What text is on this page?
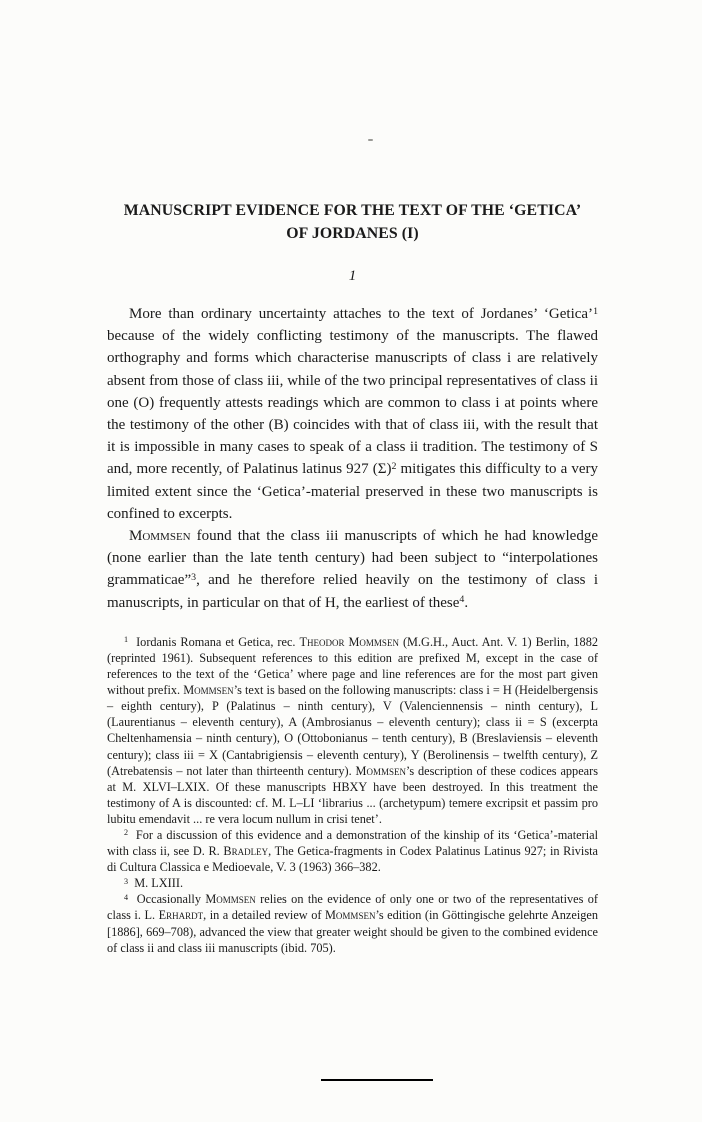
MANUSCRIPT EVIDENCE FOR THE TEXT OF THE ‘GETICA’
OF JORDANES (I)
1

More than ordinary uncertainty attaches to the text of Jordanes’ ‘Getica’$^1$ because of the widely conflicting testimony of the manuscripts. The flawed orthography and forms which characterise manuscripts of class i are relatively absent from those of class iii, while of the two principal representatives of class ii one (O) frequently attests readings which are common to class i at points where the testimony of the other (B) coincides with that of class iii, with the result that it is impossible in many cases to speak of a class ii tradition. The testimony of S and, more recently, of Palatinus latinus 927 $(\Sigma)^2$ mitigates this difficulty to a very limited extent since the ‘Getica’-material preserved in these two manuscripts is confined to excerpts.

Mommsen found that the class iii manuscripts of which he had knowledge (none earlier than the late tenth century) had been subject to “interpolationes grammaticae”$^3$, and he therefore relied heavily on the testimony of class i manuscripts, in particular on that of H, the earliest of these$^4$.

$^1$  Iordanis Romana et Getica, rec. Theodor Mommsen (M.G.H., Auct. Ant. V. 1) Berlin, 1882 (reprinted 1961). Subsequent references to this edition are prefixed M, except in the case of references to the text of the ‘Getica’ where page and line references are for the most part given without prefix. Mommsen’s text is based on the following manuscripts: class i = H (Heidelbergensis – eighth century), P (Palatinus – ninth century), V (Valenciennensis – ninth century), L (Laurentianus – eleventh century), A (Ambrosianus – eleventh century); class ii = S (excerpta Cheltenhamensia – ninth century), O (Ottobonianus – tenth century), B (Breslaviensis – eleventh century); class iii = X (Cantabrigiensis – eleventh century), Y (Berolinensis – twelfth century), Z (Atrebatensis – not later than thirteenth century). Mommsen’s description of these codices appears at M. XLVI–LXIX. Of these manuscripts HBXY have been destroyed. In this treatment the testimony of A is discounted: cf. M. L–LI ‘librarius ... (archetypum) temere excripsit et passim pro lubitu emendavit ... re vera locum nullum in crisi tenet’.

$^2$  For a discussion of this evidence and a demonstration of the kinship of its ‘Getica’-material with class ii, see D. R. Bradley, The Getica-fragments in Codex Palatinus Latinus 927; in Rivista di Cultura Classica e Medioevale, V. 3 (1963) 366–382.

$^3$  M. LXIII.

$^4$  Occasionally Mommsen relies on the evidence of only one or two of the representatives of class i. L. Erhardt, in a detailed review of Mommsen’s edition (in Göttingische gelehrte Anzeigen [1886], 669–708), advanced the view that greater weight should be given to the combined evidence of class ii and class iii manuscripts (ibid. 705).
